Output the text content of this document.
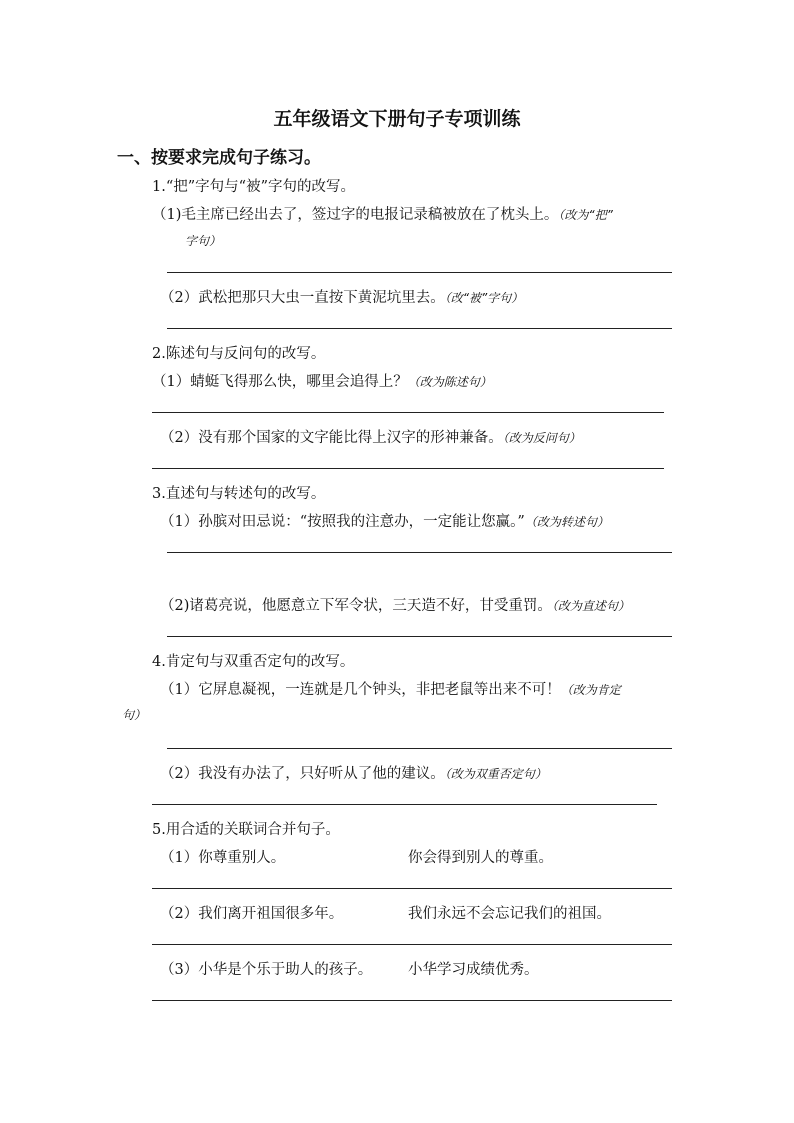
五年级语文下册句子专项训练
一、按要求完成句子练习。
1.“把”字句与“被”字句的改写。
（1)毛主席已经出去了，签过字的电报记录稿被放在了枕头上。（改为“把”
字句）
（2）武松把那只大虫一直按下黄泥坑里去。（改“被”字句）
2.陈述句与反问句的改写。
（1）蜻蜓飞得那么快，哪里会追得上？（改为陈述句）
（2）没有那个国家的文字能比得上汉字的形神兼备。（改为反问句）
3.直述句与转述句的改写。
（1）孙膑对田忌说：“按照我的注意办，一定能让您赢。”（改为转述句）
（2)诸葛亮说，他愿意立下军令状，三天造不好，甘受重罚。（改为直述句）
4.肯定句与双重否定句的改写。
（1）它屏息凝视，一连就是几个钟头，非把老鼠等出来不可！（改为肯定
句）
（2）我没有办法了，只好听从了他的建议。（改为双重否定句）
5.用合适的关联词合并句子。
（1）你尊重别人。	你会得到别人的尊重。
（2）我们离开祖国很多年。	我们永远不会忘记我们的祖国。
（3）小华是个乐于助人的孩子。 小华学习成绩优秀。
